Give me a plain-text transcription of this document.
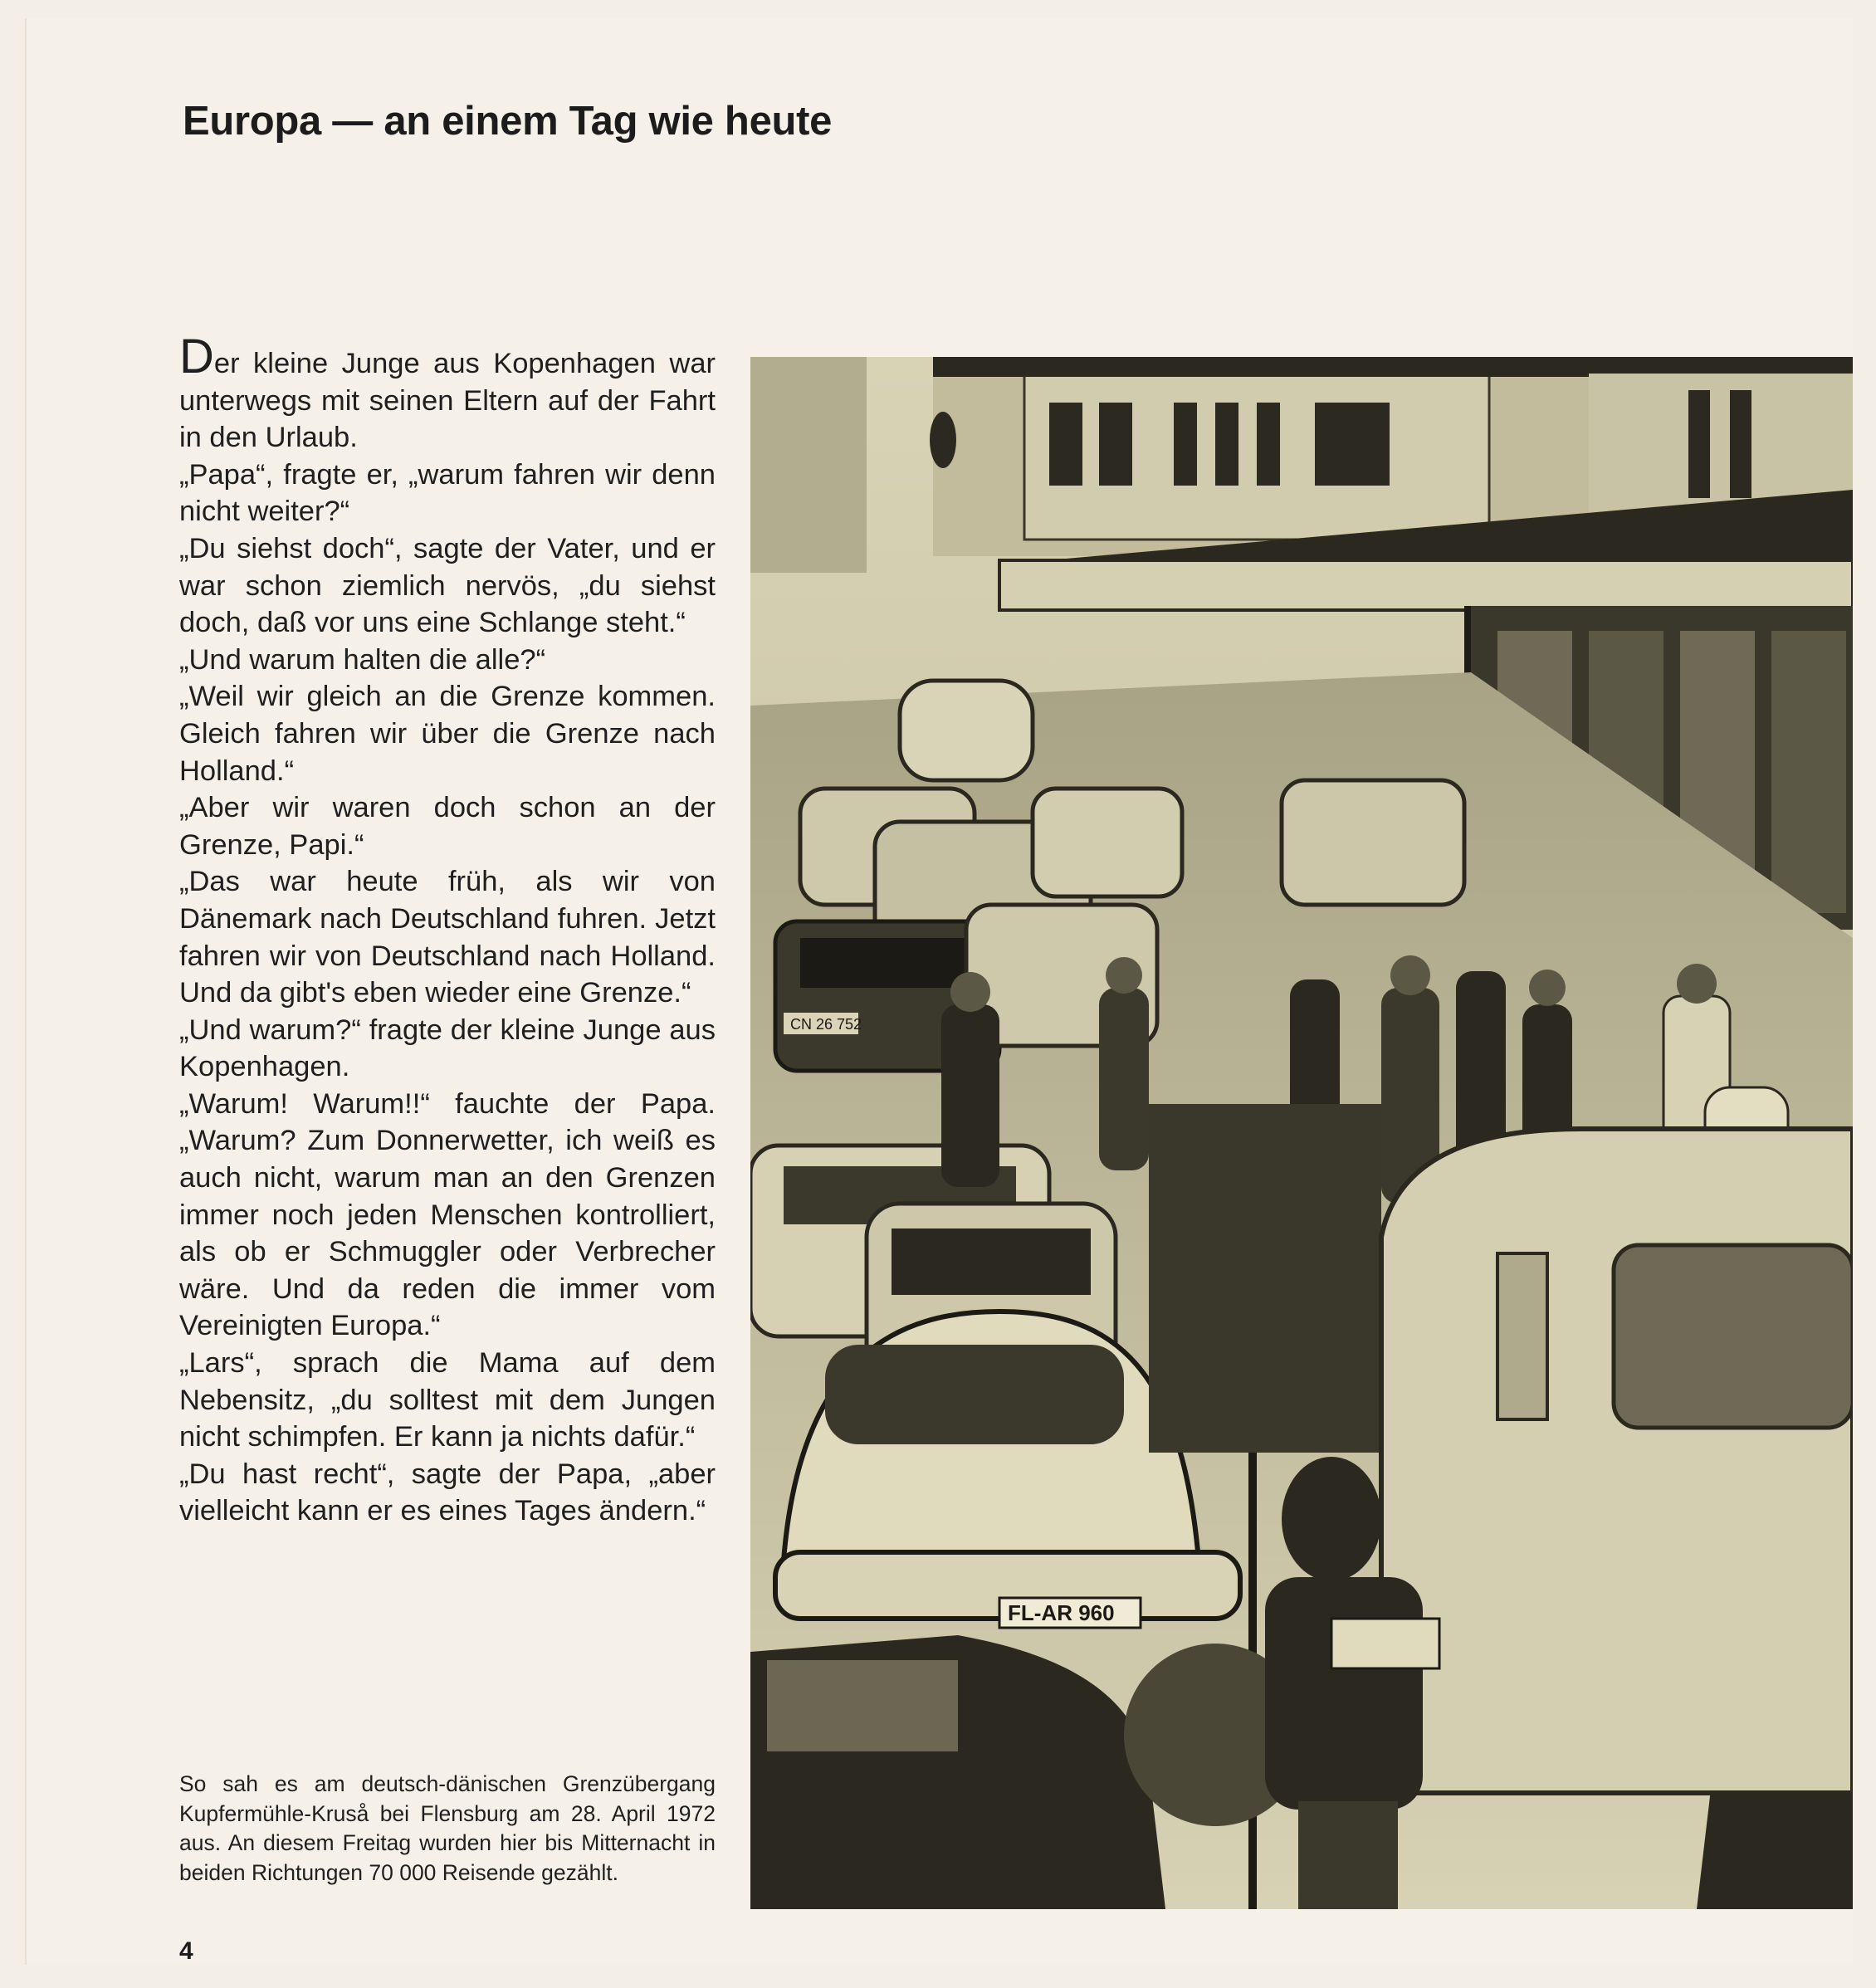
Europa — an einem Tag wie heute

Der kleine Junge aus Kopenhagen war unterwegs mit seinen Eltern auf der Fahrt in den Urlaub.

„Papa“, fragte er, „warum fahren wir denn nicht weiter?“

„Du siehst doch“, sagte der Vater, und er war schon ziemlich nervös, „du siehst doch, daß vor uns eine Schlange steht.“

„Und warum halten die alle?“

„Weil wir gleich an die Grenze kommen. Gleich fahren wir über die Grenze nach Holland.“

„Aber wir waren doch schon an der Grenze, Papi.“

„Das war heute früh, als wir von Dänemark nach Deutschland fuhren. Jetzt fahren wir von Deutschland nach Holland. Und da gibt's eben wieder eine Grenze.“

„Und warum?“ fragte der kleine Junge aus Kopenhagen.

„Warum! Warum!!“ fauchte der Papa. „Warum? Zum Donnerwetter, ich weiß es auch nicht, warum man an den Grenzen immer noch jeden Menschen kontrolliert, als ob er Schmuggler oder Verbrecher wäre. Und da reden die immer vom Vereinigten Europa.“

„Lars“, sprach die Mama auf dem Nebensitz, „du solltest mit dem Jungen nicht schimpfen. Er kann ja nichts dafür.“

„Du hast recht“, sagte der Papa, „aber vielleicht kann er es eines Tages ändern.“

So sah es am deutsch-dänischen Grenzübergang Kupfermühle-Kruså bei Flensburg am 28. April 1972 aus. An diesem Freitag wurden hier bis Mitternacht in beiden Richtungen 70 000 Reisende gezählt.

4
CN 26 752
FL-AR 960
